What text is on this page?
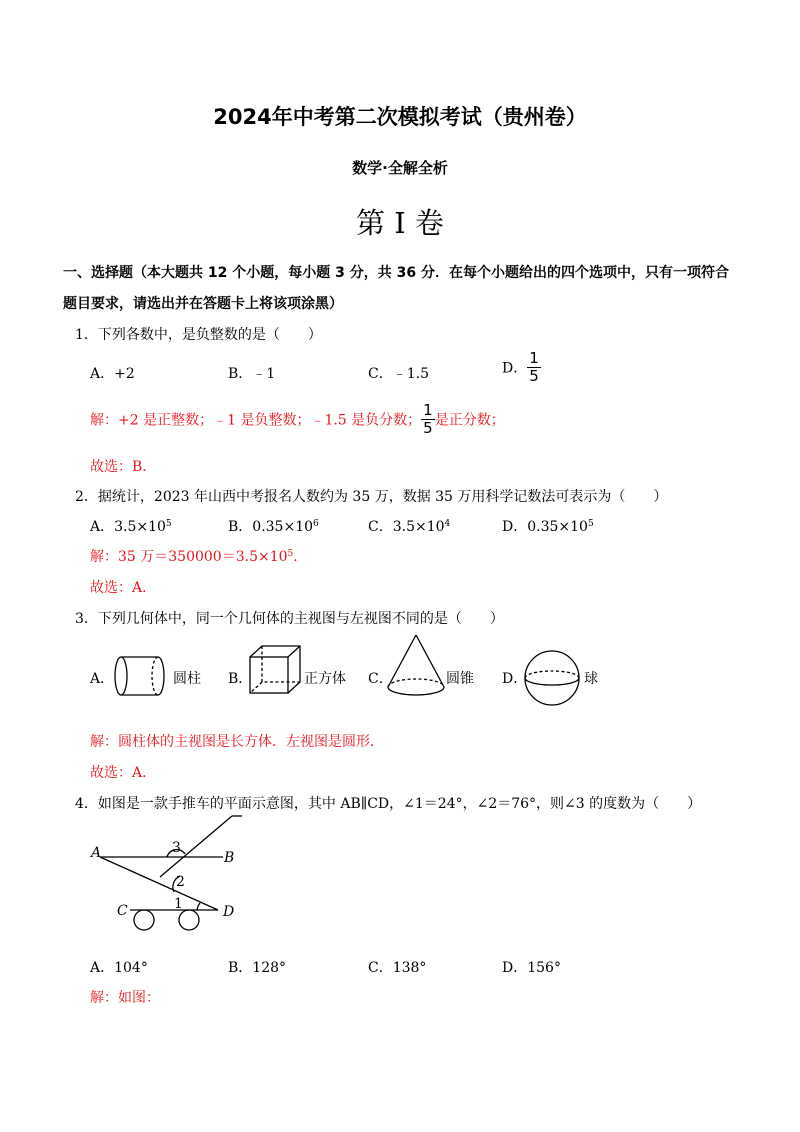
2024年中考第二次模拟考试（贵州卷）
数学·全解全析
第 I 卷
一、选择题（本大题共 12 个小题，每小题 3 分，共 36 分．在每个小题给出的四个选项中，只有一项符合
题目要求，请选出并在答题卡上将该项涂黑）
1．下列各数中，是负整数的是（　　）
A．+2	B．﹣1	C．﹣1.5	D． $\frac{1}{5}$
解：+2 是正整数；﹣1 是负整数；﹣1.5 是负分数； $\frac{1}{5}$ 是正分数；
故选：B．
2．据统计，2023 年山西中考报名人数约为 35 万，数据 35 万用科学记数法可表示为（　　）
A．$3.5\times 10^5$	B．$0.35\times 10^6$	C．$3.5\times 10^4$	D．$0.35\times 10^5$
解：35 万$=350000=3.5\times 10^5$．
故选：A．
3．下列几何体中，同一个几何体的主视图与左视图不同的是（　　）
A．	圆柱 B．	正方体 C．	圆锥 D．	球
解：圆柱体的主视图是长方体．左视图是圆形．
故选：A．
4．如图是一款手推车的平面示意图，其中 AB∥CD，∠1＝24°，∠2＝76°，则∠3 的度数为（　　）
A	B
C	D
1
2
3
A．104°	B．128°	C．138°	D．156°
解：如图：
